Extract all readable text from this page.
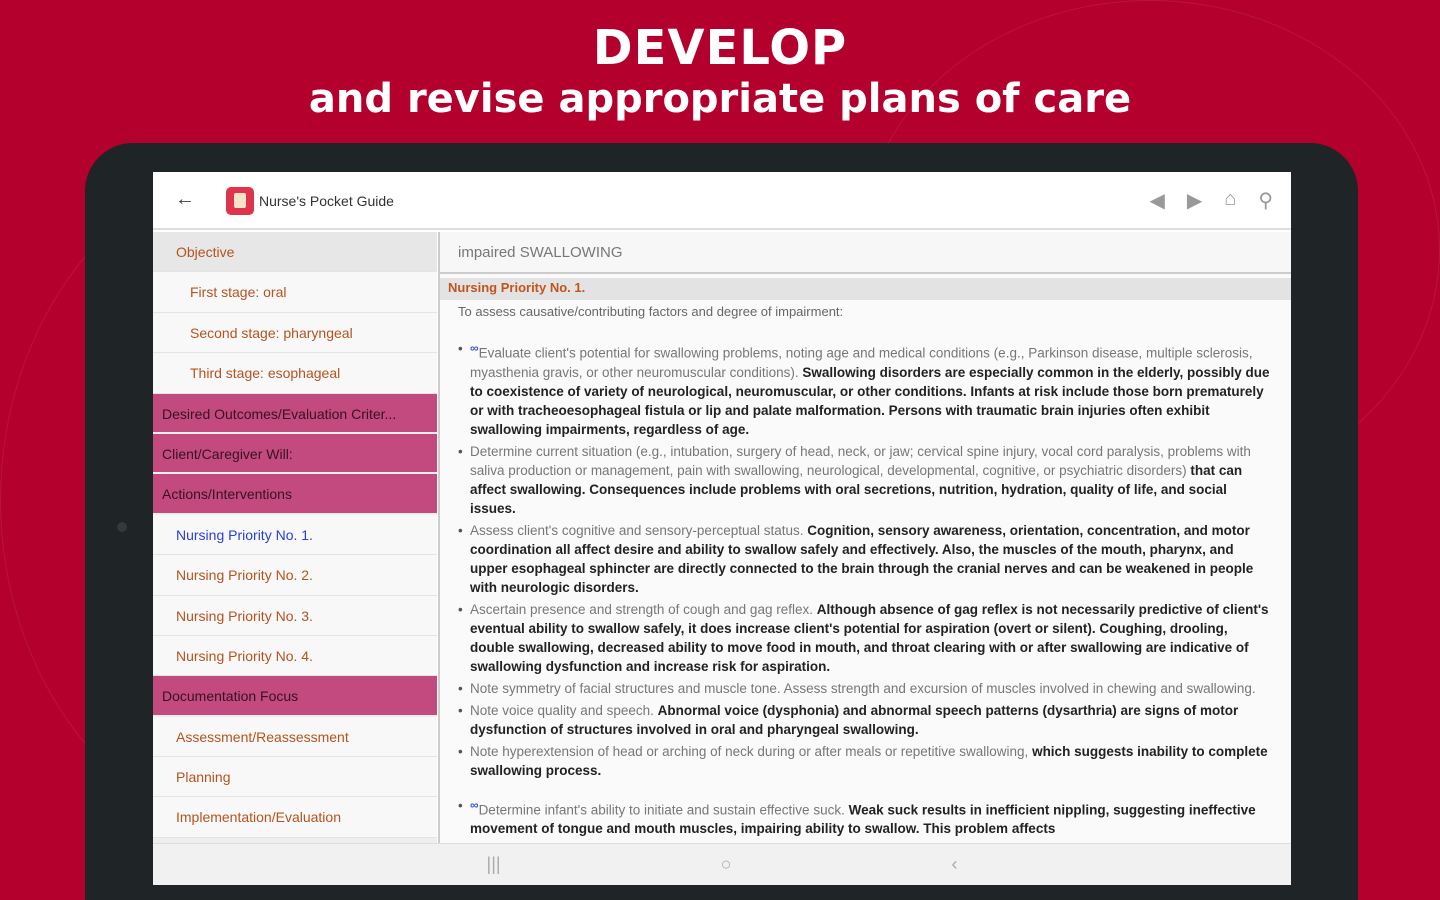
DEVELOP
and revise appropriate plans of care
←	Nurse's Pocket Guide	◀ ▶ ⌂ ⚲
Objective
First stage: oral
Second stage: pharyngeal
Third stage: esophageal
Desired Outcomes/Evaluation Criter...
Client/Caregiver Will:
Actions/Interventions
Nursing Priority No. 1.
Nursing Priority No. 2.
Nursing Priority No. 3.
Nursing Priority No. 4.
Documentation Focus
Assessment/Reassessment
Planning
Implementation/Evaluation
impaired SWALLOWING
Nursing Priority No. 1.
To assess causative/contributing factors and degree of impairment:
• ∞Evaluate client's potential for swallowing problems, noting age and medical conditions (e.g., Parkinson disease, multiple sclerosis, myasthenia gravis, or other neuromuscular conditions). Swallowing disorders are especially common in the elderly, possibly due to coexistence of variety of neurological, neuromuscular, or other conditions. Infants at risk include those born prematurely or with tracheoesophageal fistula or lip and palate malformation. Persons with traumatic brain injuries often exhibit swallowing impairments, regardless of age.
• Determine current situation (e.g., intubation, surgery of head, neck, or jaw; cervical spine injury, vocal cord paralysis, problems with saliva production or management, pain with swallowing, neurological, developmental, cognitive, or psychiatric disorders) that can affect swallowing. Consequences include problems with oral secretions, nutrition, hydration, quality of life, and social issues.
• Assess client's cognitive and sensory-perceptual status. Cognition, sensory awareness, orientation, concentration, and motor coordination all affect desire and ability to swallow safely and effectively. Also, the muscles of the mouth, pharynx, and upper esophageal sphincter are directly connected to the brain through the cranial nerves and can be weakened in people with neurologic disorders.
• Ascertain presence and strength of cough and gag reflex. Although absence of gag reflex is not necessarily predictive of client's eventual ability to swallow safely, it does increase client's potential for aspiration (overt or silent). Coughing, drooling, double swallowing, decreased ability to move food in mouth, and throat clearing with or after swallowing are indicative of swallowing dysfunction and increase risk for aspiration.
• Note symmetry of facial structures and muscle tone. Assess strength and excursion of muscles involved in chewing and swallowing.
• Note voice quality and speech. Abnormal voice (dysphonia) and abnormal speech patterns (dysarthria) are signs of motor dysfunction of structures involved in oral and pharyngeal swallowing.
• Note hyperextension of head or arching of neck during or after meals or repetitive swallowing, which suggests inability to complete swallowing process.
• ∞Determine infant's ability to initiate and sustain effective suck. Weak suck results in inefficient nippling, suggesting ineffective movement of tongue and mouth muscles, impairing ability to swallow. This problem affects
|||	○	‹
